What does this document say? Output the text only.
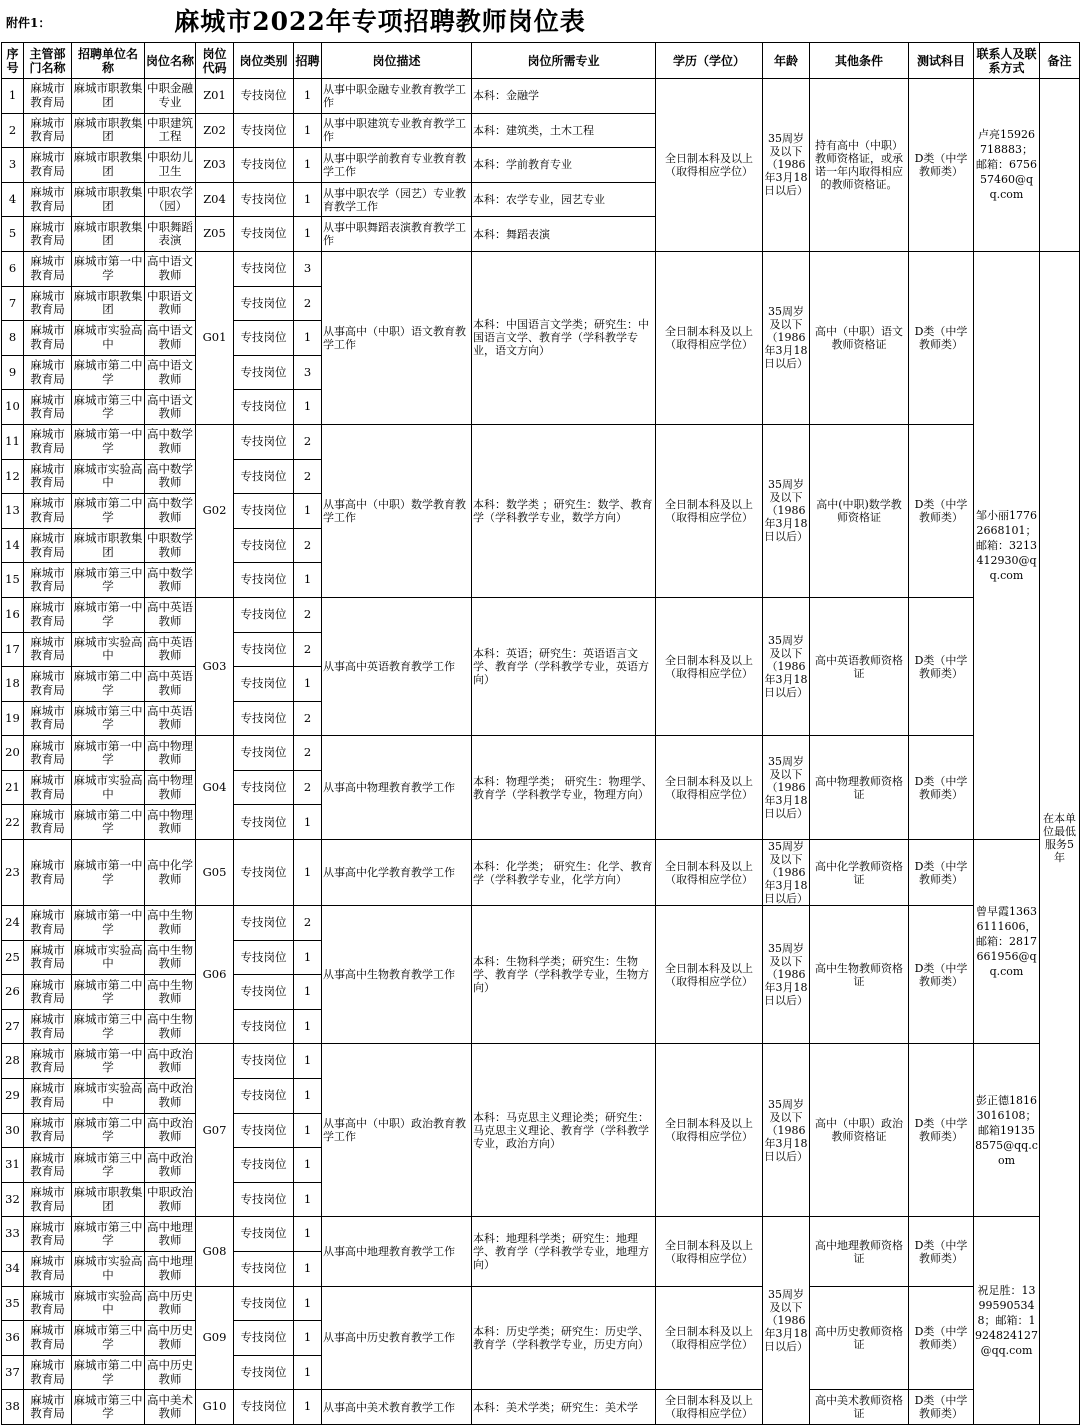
附件1：	麻城市2022年专项招聘教师岗位表
序号	主管部门名称	招聘单位名称	岗位名称	岗位代码	岗位类别	招聘	岗位描述	岗位所需专业	学历（学位）	年龄	其他条件	测试科目	联系人及联系方式	备注
1	麻城市教育局	麻城市职教集团	中职金融专业	Z01	专技岗位	1	从事中职金融专业教育教学工作	本科：金融学	全日制本科及以上（取得相应学位）	35周岁及以下（1986年3月18日以后）	持有高中（中职）教师资格证，或承诺一年内取得相应的教师资格证。	D类（中学教师类）	卢亮15926718883；邮箱：675657460@qq.com	
2	麻城市教育局	麻城市职教集团	中职建筑工程	Z02	专技岗位	1	从事中职建筑专业教育教学工作	本科：建筑类，土木工程						
3	麻城市教育局	麻城市职教集团	中职幼儿卫生	Z03	专技岗位	1	从事中职学前教育专业教育教学工作	本科：学前教育专业						
4	麻城市教育局	麻城市职教集团	中职农学（园）	Z04	专技岗位	1	从事中职农学（园艺）专业教育教学工作	本科：农学专业，园艺专业						
5	麻城市教育局	麻城市职教集团	中职舞蹈表演	Z05	专技岗位	1	从事中职舞蹈表演教育教学工作	本科：舞蹈表演						
6	麻城市教育局	麻城市第一中学	高中语文教师	G01	专技岗位	3	从事高中（中职）语文教育教学工作	本科：中国语言文学类；研究生：中国语言文学、教育学（学科教学专业，语文方向）	全日制本科及以上（取得相应学位）	35周岁及以下（1986年3月18日以后）	高中（中职）语文教师资格证	D类（中学教师类）	邹小丽17762668101；邮箱：3213412930@qq.com	在本单位最低服务5年
7	麻城市教育局	麻城市职教集团	中职语文教师		专技岗位	2								
8	麻城市教育局	麻城市实验高中	高中语文教师		专技岗位	1								
9	麻城市教育局	麻城市第二中学	高中语文教师		专技岗位	3								
10	麻城市教育局	麻城市第三中学	高中语文教师		专技岗位	1								
11	麻城市教育局	麻城市第一中学	高中数学教师	G02	专技岗位	2	从事高中（中职）数学教育教学工作	本科：数学类 ；研究生：数学、教育学（学科教学专业，数学方向）	全日制本科及以上（取得相应学位）	35周岁及以下（1986年3月18日以后）	高中(中职)数学教师资格证	D类（中学教师类）		
12	麻城市教育局	麻城市实验高中	高中数学教师		专技岗位	2								
13	麻城市教育局	麻城市第二中学	高中数学教师		专技岗位	1								
14	麻城市教育局	麻城市职教集团	中职数学教师		专技岗位	2								
15	麻城市教育局	麻城市第三中学	高中数学教师		专技岗位	1								
16	麻城市教育局	麻城市第一中学	高中英语教师	G03	专技岗位	2	从事高中英语教育教学工作	本科：英语；研究生：英语语言文学、教育学（学科教学专业，英语方向）	全日制本科及以上（取得相应学位）	35周岁及以下（1986年3月18日以后）	高中英语教师资格证	D类（中学教师类）		
17	麻城市教育局	麻城市实验高中	高中英语教师		专技岗位	2								
18	麻城市教育局	麻城市第二中学	高中英语教师		专技岗位	1								
19	麻城市教育局	麻城市第三中学	高中英语教师		专技岗位	2								
20	麻城市教育局	麻城市第一中学	高中物理教师	G04	专技岗位	2	从事高中物理教育教学工作	本科：物理学类； 研究生：物理学、教育学（学科教学专业，物理方向）	全日制本科及以上（取得相应学位）	35周岁及以下（1986年3月18日以后）	高中物理教师资格证	D类（中学教师类）		
21	麻城市教育局	麻城市实验高中	高中物理教师		专技岗位	2								
22	麻城市教育局	麻城市第二中学	高中物理教师		专技岗位	1								
23	麻城市教育局	麻城市第一中学	高中化学教师	G05	专技岗位	1	从事高中化学教育教学工作	本科：化学类； 研究生：化学、教育学（学科教学专业，化学方向）	全日制本科及以上（取得相应学位）	35周岁及以下（1986年3月18日以后）	高中化学教师资格证	D类（中学教师类）	曾早霞13636111606，邮箱：2817661956@qq.com	
24	麻城市教育局	麻城市第一中学	高中生物教师	G06	专技岗位	2	从事高中生物教育教学工作	本科：生物科学类；研究生：生物学、教育学（学科教学专业，生物方向）	全日制本科及以上（取得相应学位）	35周岁及以下（1986年3月18日以后）	高中生物教师资格证	D类（中学教师类）		
25	麻城市教育局	麻城市实验高中	高中生物教师		专技岗位	1								
26	麻城市教育局	麻城市第二中学	高中生物教师		专技岗位	1								
27	麻城市教育局	麻城市第三中学	高中生物教师		专技岗位	1								
28	麻城市教育局	麻城市第一中学	高中政治教师	G07	专技岗位	1	从事高中（中职）政治教育教学工作	本科：马克思主义理论类；研究生：马克思主义理论、教育学（学科教学专业，政治方向）	全日制本科及以上（取得相应学位）	35周岁及以下（1986年3月18日以后）	高中（中职）政治教师资格证	D类（中学教师类）	彭正德18163016108；邮箱191358575@qq.com	
29	麻城市教育局	麻城市实验高中	高中政治教师		专技岗位	1								
30	麻城市教育局	麻城市第二中学	高中政治教师		专技岗位	1								
31	麻城市教育局	麻城市第三中学	高中政治教师		专技岗位	1								
32	麻城市教育局	麻城市职教集团	中职政治教师		专技岗位	1								
33	麻城市教育局	麻城市第三中学	高中地理教师	G08	专技岗位	1	从事高中地理教育教学工作	本科：地理科学类；研究生：地理学、教育学（学科教学专业，地理方向）	全日制本科及以上（取得相应学位）	35周岁及以下（1986年3月18日以后）	高中地理教师资格证	D类（中学教师类）	祝足胜：13995905348；邮箱：1924824127@qq.com	
34	麻城市教育局	麻城市实验高中	高中地理教师		专技岗位	1								
35	麻城市教育局	麻城市实验高中	高中历史教师	G09	专技岗位	1	从事高中历史教育教学工作	本科：历史学类；研究生：历史学、教育学（学科教学专业，历史方向）	全日制本科及以上（取得相应学位）		高中历史教师资格证	D类（中学教师类）		
36	麻城市教育局	麻城市第三中学	高中历史教师		专技岗位	1								
37	麻城市教育局	麻城市第二中学	高中历史教师		专技岗位	1								
38	麻城市教育局	麻城市第三中学	高中美术教师	G10	专技岗位	1	从事高中美术教育教学工作	本科：美术学类；研究生：美术学	全日制本科及以上（取得相应学位）		高中美术教师资格证	D类（中学教师类）		
